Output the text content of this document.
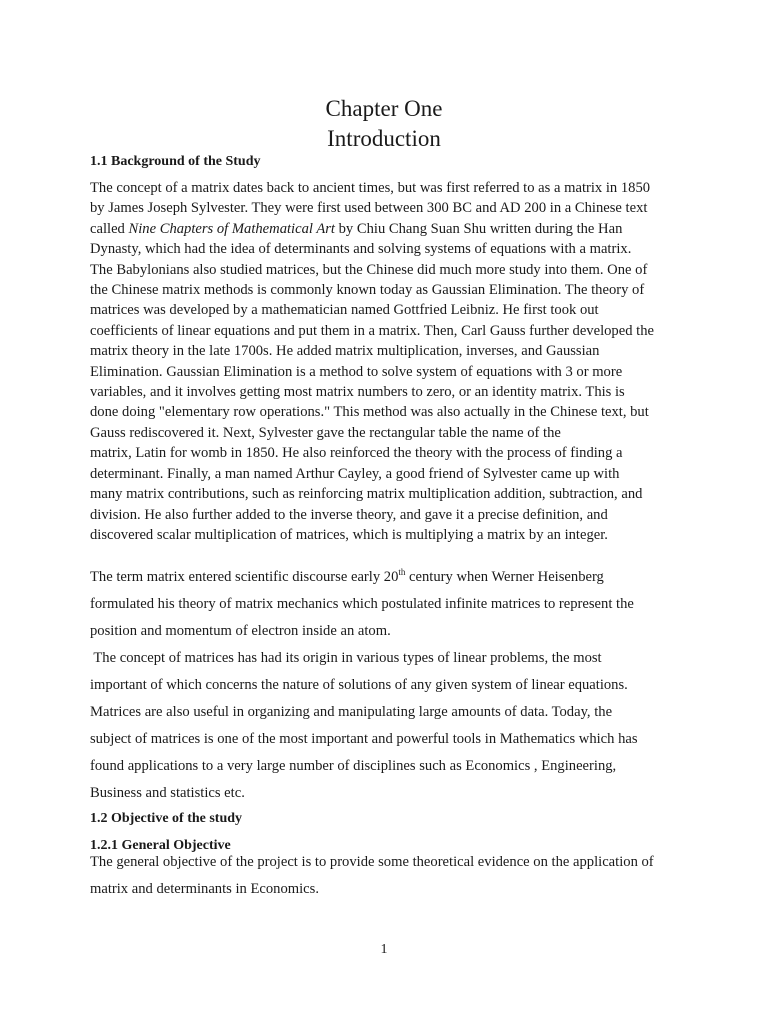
Chapter One
Introduction
1.1 Background of the Study
The concept of a matrix dates back to ancient times, but was first referred to as a matrix in 1850
by James Joseph Sylvester. They were first used between 300 BC and AD 200 in a Chinese text
called Nine Chapters of Mathematical Art by Chiu Chang Suan Shu written during the Han
Dynasty, which had the idea of determinants and solving systems of equations with a matrix.
The Babylonians also studied matrices, but the Chinese did much more study into them. One of
the Chinese matrix methods is commonly known today as Gaussian Elimination. The theory of
matrices was developed by a mathematician named Gottfried Leibniz. He first took out
coefficients of linear equations and put them in a matrix. Then, Carl Gauss further developed the
matrix theory in the late 1700s. He added matrix multiplication, inverses, and Gaussian
Elimination. Gaussian Elimination is a method to solve system of equations with 3 or more
variables, and it involves getting most matrix numbers to zero, or an identity matrix. This is
done doing "elementary row operations." This method was also actually in the Chinese text, but
Gauss rediscovered it. Next, Sylvester gave the rectangular table the name of the
matrix, Latin for womb in 1850. He also reinforced the theory with the process of finding a
determinant. Finally, a man named Arthur Cayley, a good friend of Sylvester came up with
many matrix contributions, such as reinforcing matrix multiplication addition, subtraction, and
division. He also further added to the inverse theory, and gave it a precise definition, and
discovered scalar multiplication of matrices, which is multiplying a matrix by an integer.
The term matrix entered scientific discourse early 20th century when Werner Heisenberg
formulated his theory of matrix mechanics which postulated infinite matrices to represent the
position and momentum of electron inside an atom.
The concept of matrices has had its origin in various types of linear problems, the most
important of which concerns the nature of solutions of any given system of linear equations.
Matrices are also useful in organizing and manipulating large amounts of data. Today, the
subject of matrices is one of the most important and powerful tools in Mathematics which has
found applications to a very large number of disciplines such as Economics , Engineering,
Business and statistics etc.
1.2 Objective of the study
1.2.1 General Objective
The general objective of the project is to provide some theoretical evidence on the application of
matrix and determinants in Economics.
1
